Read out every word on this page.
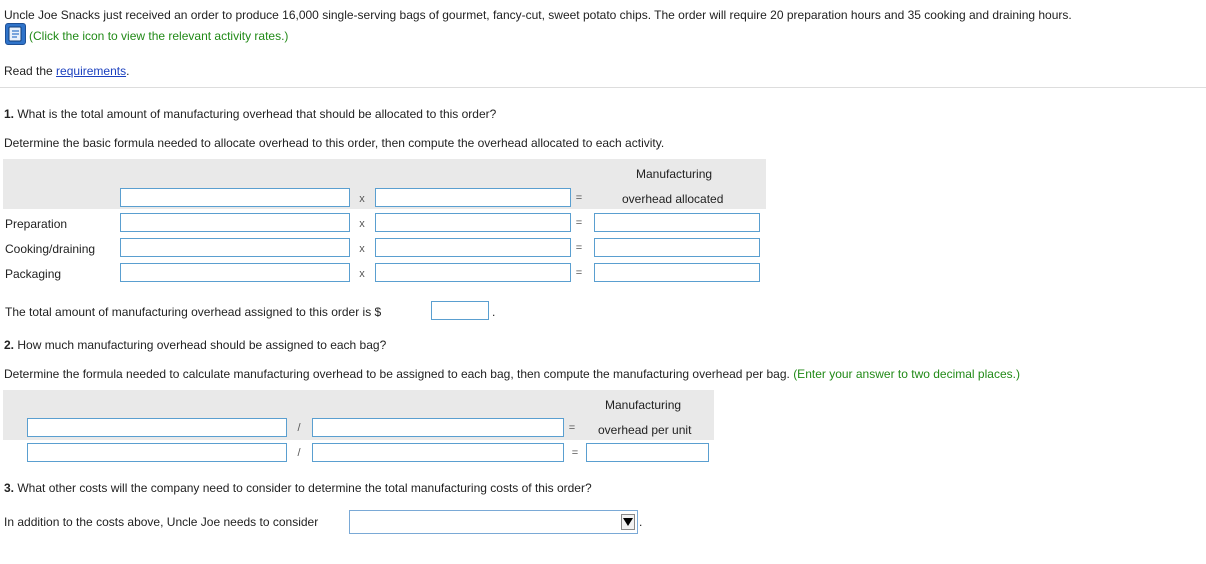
Uncle Joe Snacks just received an order to produce 16,000 single-serving bags of gourmet, fancy-cut, sweet potato chips. The order will require 20 preparation hours and 35 cooking and draining hours.
(Click the icon to view the relevant activity rates.)
Read the requirements.
1. What is the total amount of manufacturing overhead that should be allocated to this order?
Determine the basic formula needed to allocate overhead to this order, then compute the overhead allocated to each activity.
Manufacturing
overhead allocated
x	=
Preparation	x	=
Cooking/draining	x	=
Packaging	x	=
The total amount of manufacturing overhead assigned to this order is $	.
2. How much manufacturing overhead should be assigned to each bag?
Determine the formula needed to calculate manufacturing overhead to be assigned to each bag, then compute the manufacturing overhead per bag. (Enter your answer to two decimal places.)
Manufacturing
overhead per unit
/	=
/	=
3. What other costs will the company need to consider to determine the total manufacturing costs of this order?
In addition to the costs above, Uncle Joe needs to consider	.
